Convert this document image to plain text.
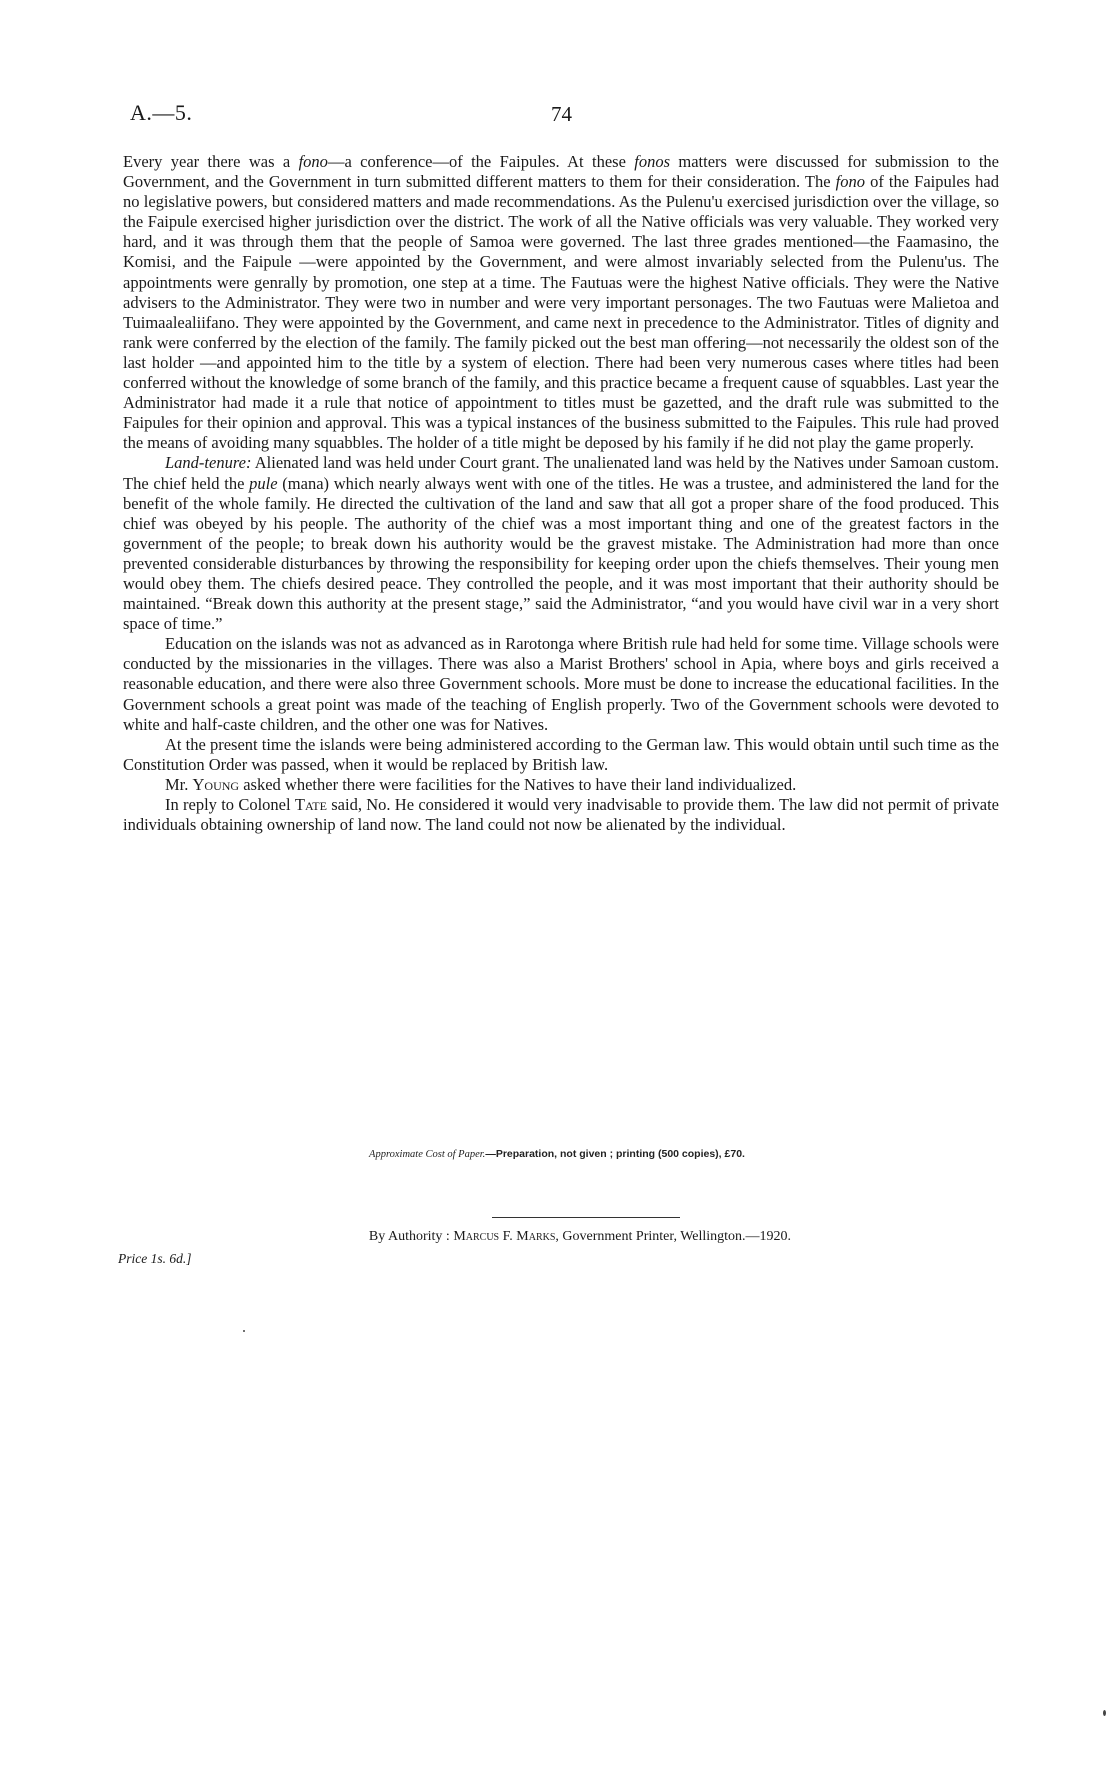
A.—5.	74

Every year there was a fono—a conference—of the Faipules. At these fonos matters were discussed for submission to the Government, and the Government in turn submitted different matters to them for their consideration. The fono of the Faipules had no legislative powers, but considered matters and made recommendations. As the Pulenu'u exercised jurisdiction over the village, so the Faipule exercised higher jurisdiction over the district. The work of all the Native officials was very valuable. They worked very hard, and it was through them that the people of Samoa were governed. The last three grades mentioned—the Faamasino, the Komisi, and the Faipule —were appointed by the Government, and were almost invariably selected from the Pulenu'us. The appointments were genrally by promotion, one step at a time. The Fautuas were the highest Native officials. They were the Native advisers to the Administrator. They were two in number and were very important personages. The two Fautuas were Malietoa and Tuimaalealiifano. They were appointed by the Government, and came next in precedence to the Administrator. Titles of dignity and rank were conferred by the election of the family. The family picked out the best man offering—not necessarily the oldest son of the last holder —and appointed him to the title by a system of election. There had been very numerous cases where titles had been conferred without the knowledge of some branch of the family, and this practice became a frequent cause of squabbles. Last year the Administrator had made it a rule that notice of appointment to titles must be gazetted, and the draft rule was submitted to the Faipules for their opinion and approval. This was a typical instances of the business submitted to the Faipules. This rule had proved the means of avoiding many squabbles. The holder of a title might be deposed by his family if he did not play the game properly.

Land-tenure: Alienated land was held under Court grant. The unalienated land was held by the Natives under Samoan custom. The chief held the pule (mana) which nearly always went with one of the titles. He was a trustee, and administered the land for the benefit of the whole family. He directed the cultivation of the land and saw that all got a proper share of the food produced. This chief was obeyed by his people. The authority of the chief was a most important thing and one of the greatest factors in the government of the people; to break down his authority would be the gravest mistake. The Administration had more than once prevented considerable disturbances by throwing the responsibility for keeping order upon the chiefs themselves. Their young men would obey them. The chiefs desired peace. They controlled the people, and it was most important that their authority should be maintained. “Break down this authority at the present stage,” said the Administrator, “and you would have civil war in a very short space of time.”

Education on the islands was not as advanced as in Rarotonga where British rule had held for some time. Village schools were conducted by the missionaries in the villages. There was also a Marist Brothers' school in Apia, where boys and girls received a reasonable education, and there were also three Government schools. More must be done to increase the educational facilities. In the Government schools a great point was made of the teaching of English properly. Two of the Government schools were devoted to white and half-caste children, and the other one was for Natives.

At the present time the islands were being administered according to the German law. This would obtain until such time as the Constitution Order was passed, when it would be replaced by British law.

Mr. Young asked whether there were facilities for the Natives to have their land individualized.

In reply to Colonel Tate said, No. He considered it would very inadvisable to provide them. The law did not permit of private individuals obtaining ownership of land now. The land could not now be alienated by the individual.

Approximate Cost of Paper.—Preparation, not given ; printing (500 copies), £70.
By Authority : Marcus F. Marks, Government Printer, Wellington.—1920.
Price 1s. 6d.]
